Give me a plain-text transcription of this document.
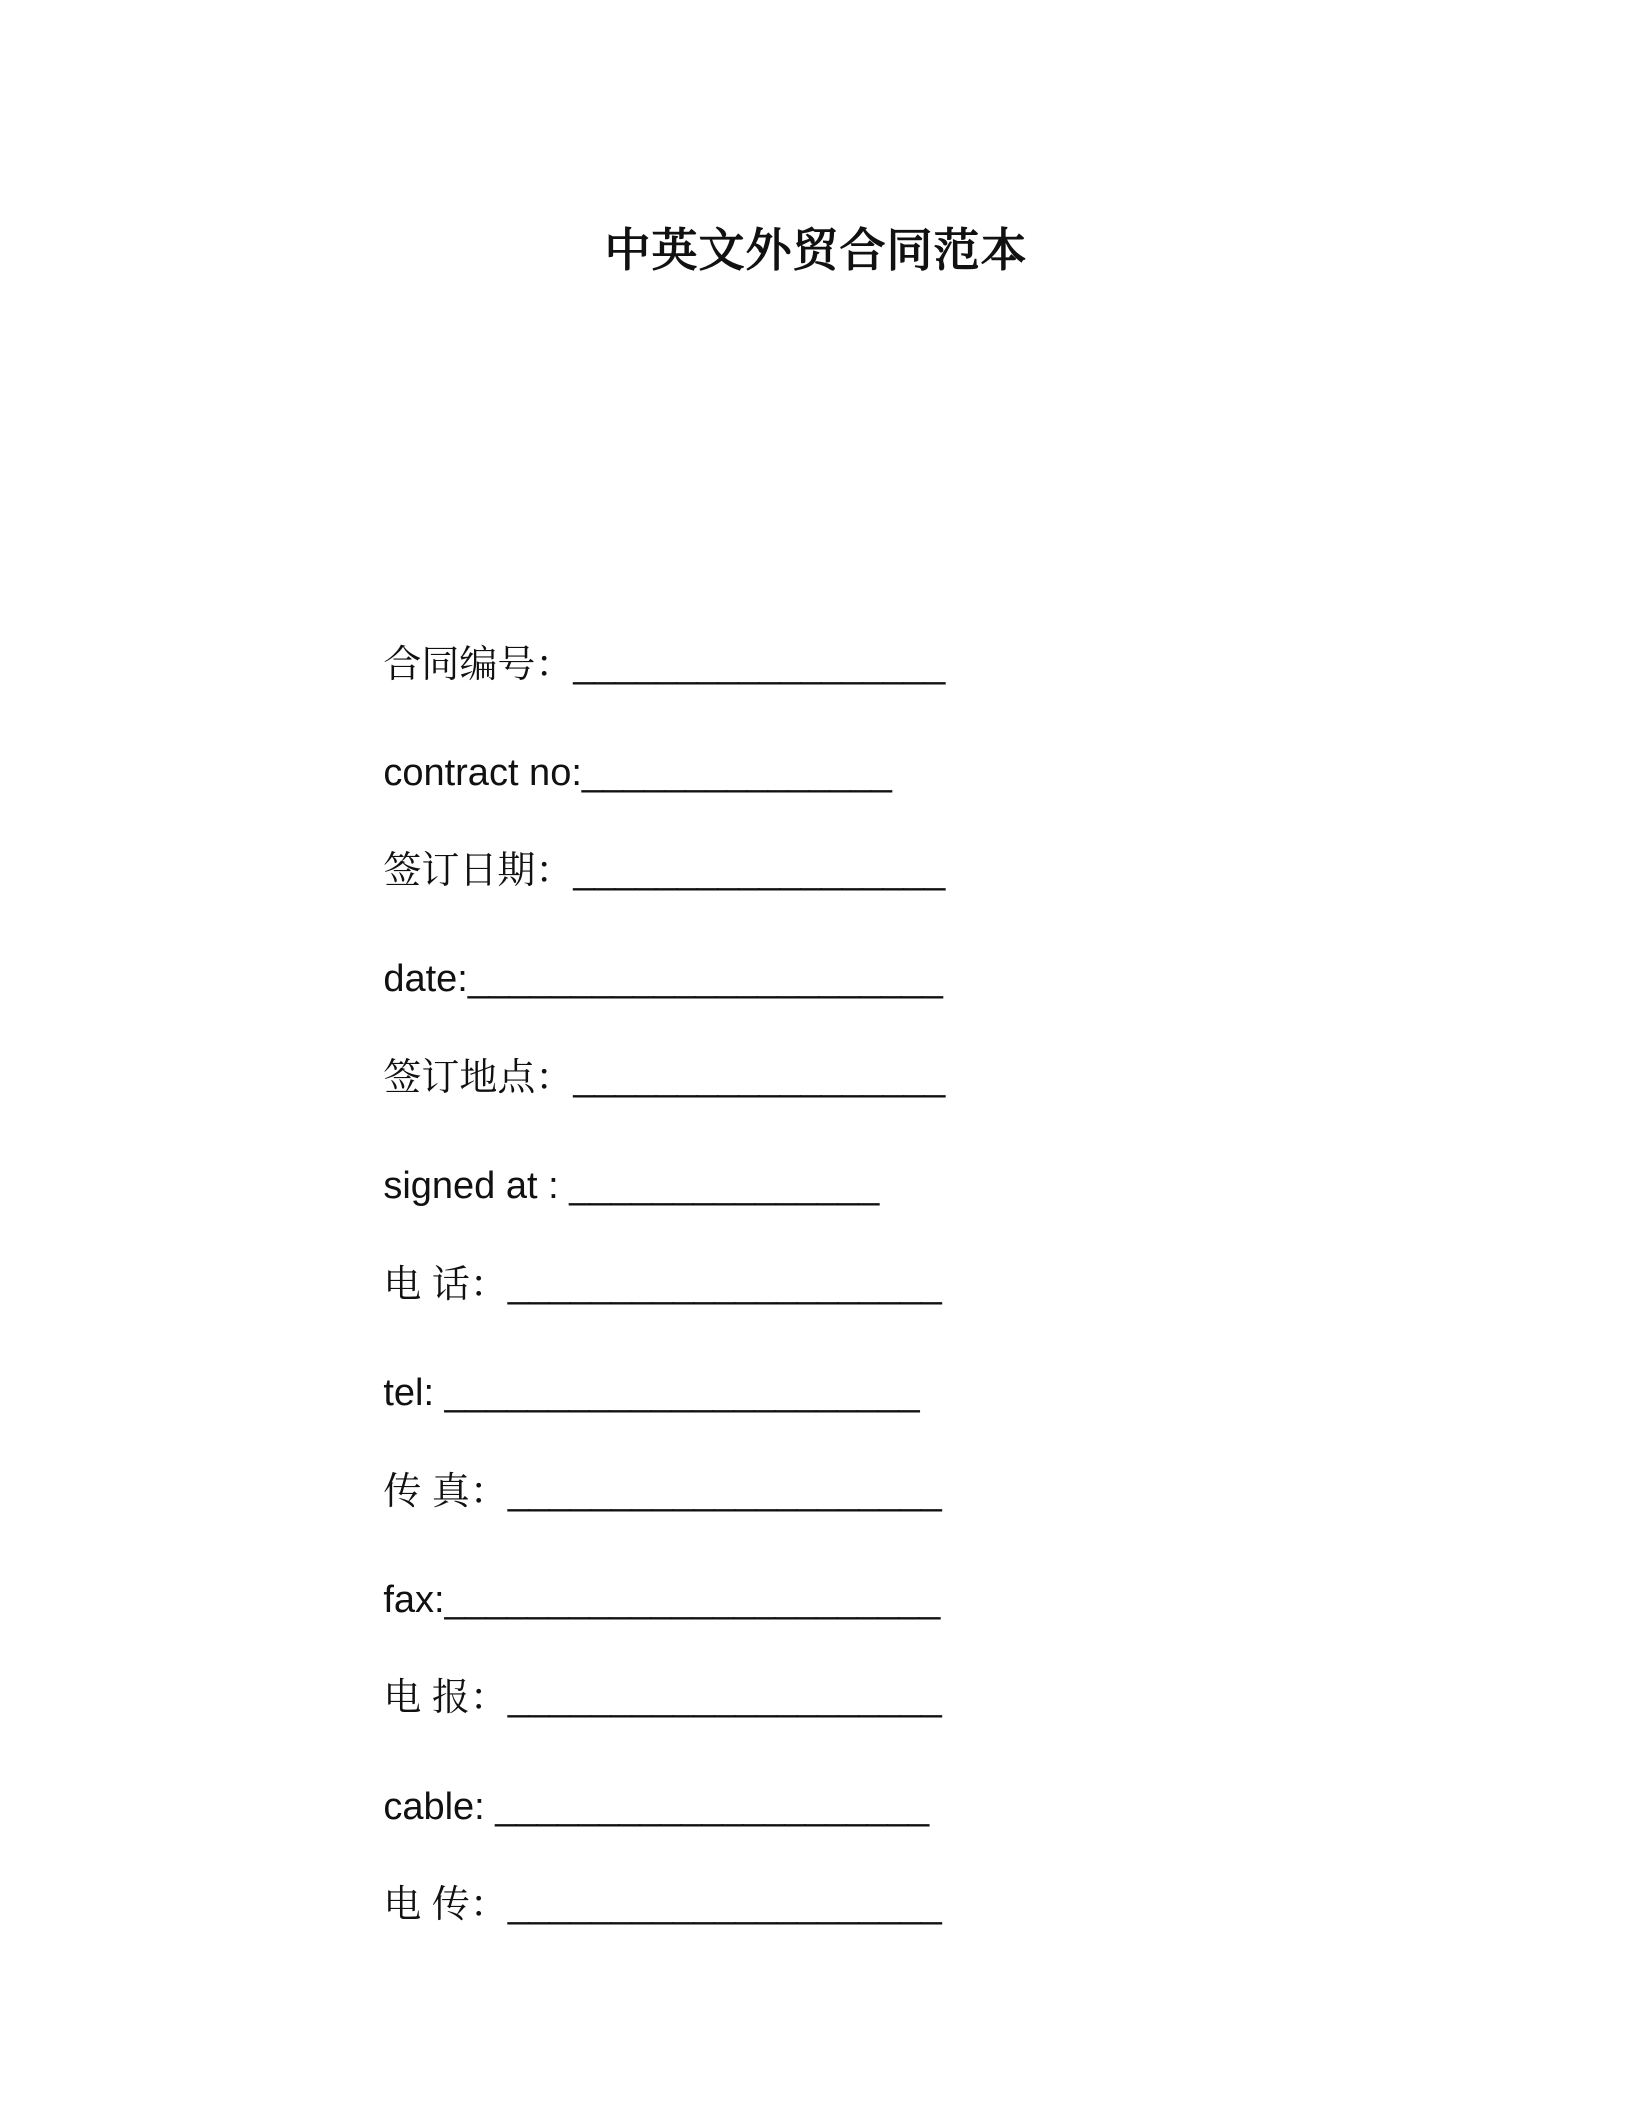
中英文外贸合同范本

合同编号：__________________

contract no:_______________

签订日期：__________________

date:_______________________

签订地点：__________________

signed at : _______________

电 话：_____________________

tel: _______________________

传 真：_____________________

fax:________________________

电 报：_____________________

cable: _____________________

电 传：_____________________
